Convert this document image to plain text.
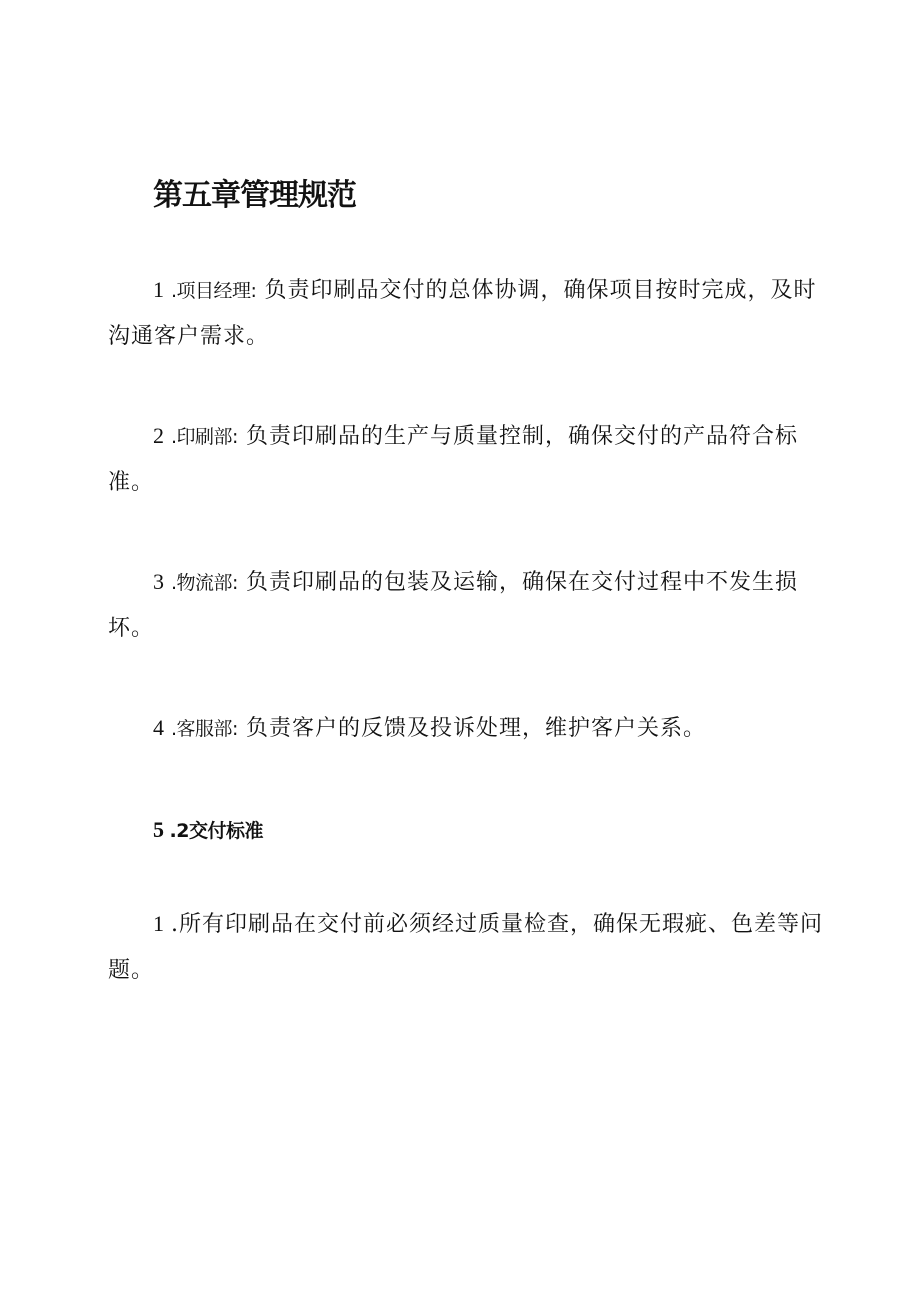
第五章管理规范

1 .项目经理: 负责印刷品交付的总体协调，确保项目按时完成，及时沟通客户需求。

2 .印刷部: 负责印刷品的生产与质量控制，确保交付的产品符合标准。

3 .物流部: 负责印刷品的包装及运输，确保在交付过程中不发生损坏。

4 .客服部: 负责客户的反馈及投诉处理，维护客户关系。

5 .2交付标准

1 .所有印刷品在交付前必须经过质量检查，确保无瑕疵、色差等问题。
